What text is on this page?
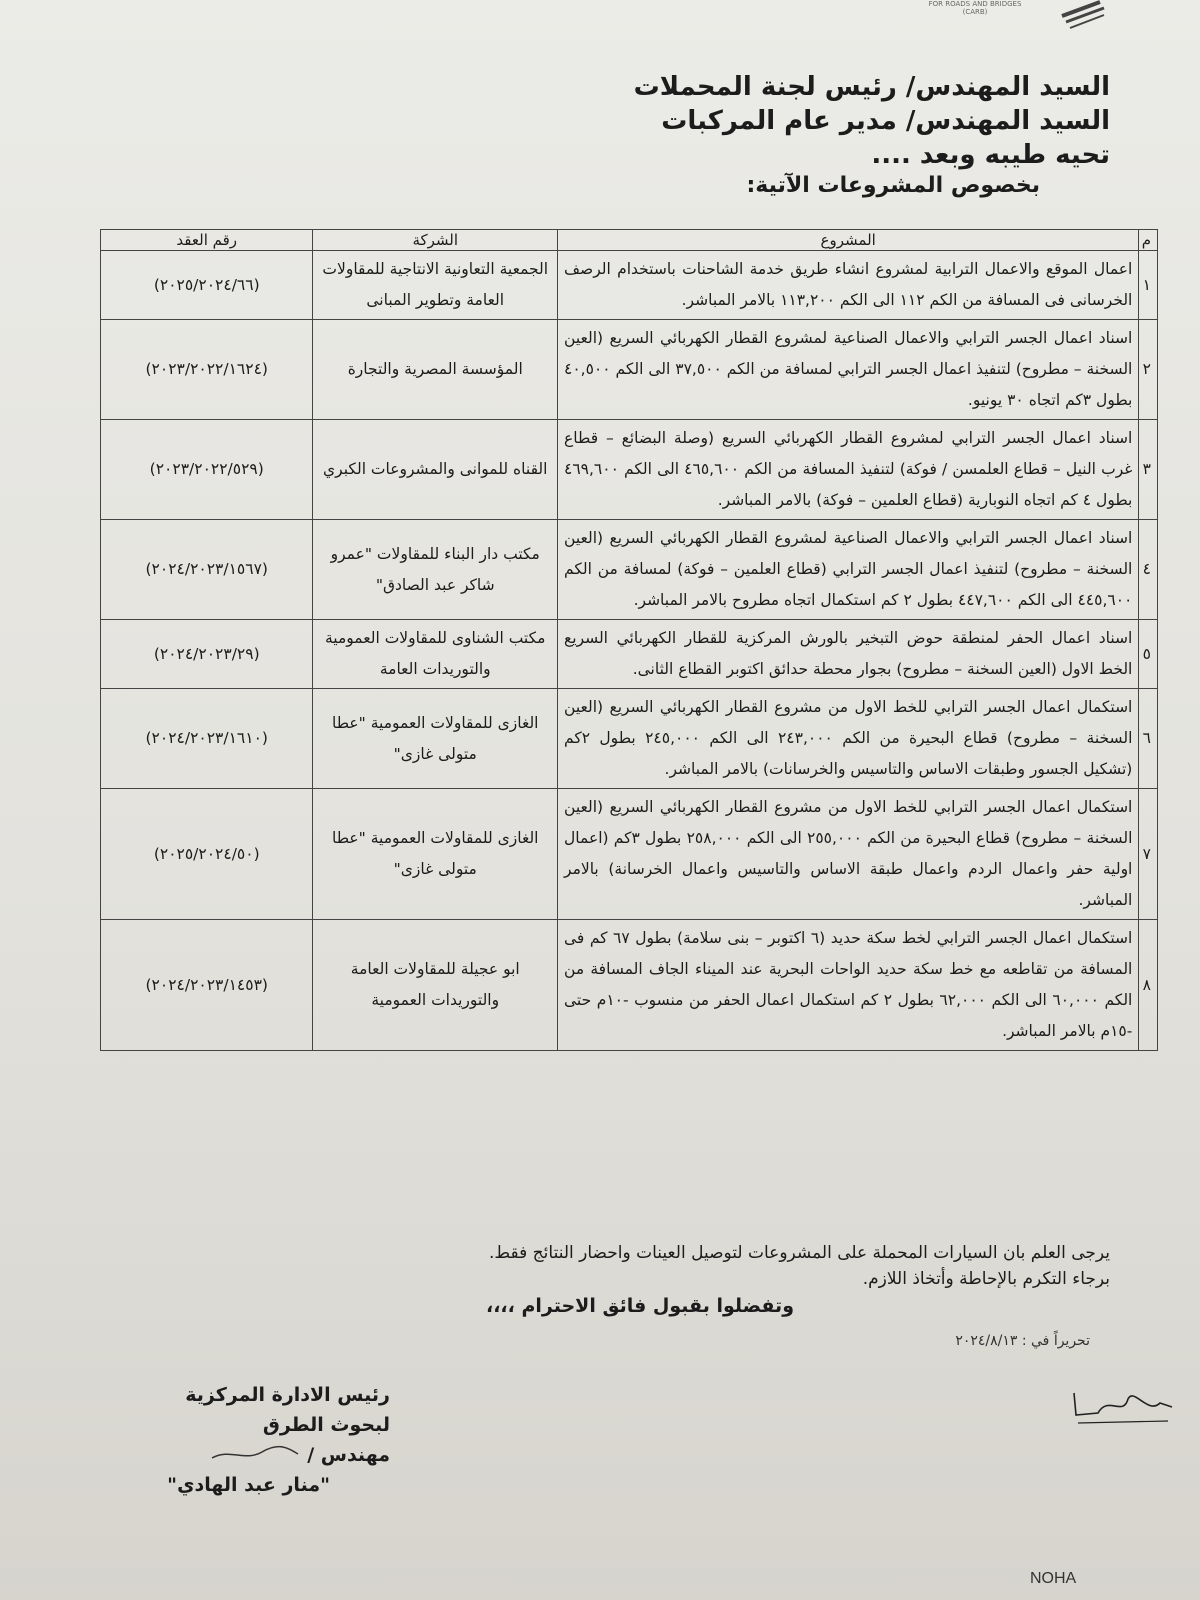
FOR ROADS AND BRIDGES
(CARB)
السيد المهندس/ رئيس لجنة المحملات
السيد المهندس/ مدير عام المركبات
تحيه طيبه وبعد ....
بخصوص المشروعات الآتية:
م	المشروع	الشركة	رقم العقد
١	اعمال الموقع والاعمال الترابية لمشروع انشاء طريق خدمة الشاحنات باستخدام الرصف الخرسانى فى المسافة من الكم ١١٢ الى الكم ١١٣,٢٠٠ بالامر المباشر.	الجمعية التعاونية الانتاجية للمقاولات العامة وتطوير المبانى	(٢٠٢٥/٢٠٢٤/٦٦)
٢	اسناد اعمال الجسر الترابي والاعمال الصناعية لمشروع القطار الكهربائي السريع (العين السخنة – مطروح) لتنفيذ اعمال الجسر الترابي لمسافة من الكم ٣٧,٥٠٠ الى الكم ٤٠,٥٠٠ بطول ٣كم اتجاه ٣٠ يونيو.	المؤسسة المصرية والتجارة	(٢٠٢٣/٢٠٢٢/١٦٢٤)
٣	اسناد اعمال الجسر الترابي لمشروع القطار الكهربائي السريع (وصلة البضائع – قطاع غرب النيل – قطاع العلمسن / فوكة) لتنفيذ المسافة من الكم ٤٦٥,٦٠٠ الى الكم ٤٦٩,٦٠٠ بطول ٤ كم اتجاه النوبارية (قطاع العلمين – فوكة) بالامر المباشر.	القناه للموانى والمشروعات الكبري	(٢٠٢٣/٢٠٢٢/٥٢٩)
٤	اسناد اعمال الجسر الترابي والاعمال الصناعية لمشروع القطار الكهربائي السريع (العين السخنة – مطروح) لتنفيذ اعمال الجسر الترابي (قطاع العلمين – فوكة) لمسافة من الكم ٤٤٥,٦٠٠ الى الكم ٤٤٧,٦٠٠ بطول ٢ كم استكمال اتجاه مطروح بالامر المباشر.	مكتب دار البناء للمقاولات "عمرو شاكر عبد الصادق"	(٢٠٢٤/٢٠٢٣/١٥٦٧)
٥	اسناد اعمال الحفر لمنطقة حوض التبخير بالورش المركزية للقطار الكهربائي السريع الخط الاول (العين السخنة – مطروح) بجوار محطة حدائق اكتوبر القطاع الثانى.	مكتب الشناوى للمقاولات العمومية والتوريدات العامة	(٢٠٢٤/٢٠٢٣/٢٩)
٦	استكمال اعمال الجسر الترابي للخط الاول من مشروع القطار الكهربائي السريع (العين السخنة – مطروح) قطاع البحيرة من الكم ٢٤٣,٠٠٠ الى الكم ٢٤٥,٠٠٠ بطول ٢كم (تشكيل الجسور وطبقات الاساس والتاسيس والخرسانات) بالامر المباشر.	الغازى للمقاولات العمومية "عطا متولى غازى"	(٢٠٢٤/٢٠٢٣/١٦١٠)
٧	استكمال اعمال الجسر الترابي للخط الاول من مشروع القطار الكهربائي السريع (العين السخنة – مطروح) قطاع البحيرة من الكم ٢٥٥,٠٠٠ الى الكم ٢٥٨,٠٠٠ بطول ٣كم (اعمال اولية حفر واعمال الردم واعمال طبقة الاساس والتاسيس واعمال الخرسانة) بالامر المباشر.	الغازى للمقاولات العمومية "عطا متولى غازى"	(٢٠٢٥/٢٠٢٤/٥٠)
٨	استكمال اعمال الجسر الترابي لخط سكة حديد (٦ اكتوبر – بنى سلامة) بطول ٦٧ كم فى المسافة من تقاطعه مع خط سكة حديد الواحات البحرية عند الميناء الجاف المسافة من الكم ٦٠,٠٠٠ الى الكم ٦٢,٠٠٠ بطول ٢ كم استكمال اعمال الحفر من منسوب -١٠م حتى -١٥م بالامر المباشر.	ابو عجيلة للمقاولات العامة والتوريدات العمومية	(٢٠٢٤/٢٠٢٣/١٤٥٣)
يرجى العلم بان السيارات المحملة على المشروعات لتوصيل العينات واحضار النتائج فقط.
برجاء التكرم بالإحاطة وأتخاذ اللازم.
وتفضلوا بقبول فائق الاحترام ،،،،
تحريراً في : ٢٠٢٤/٨/١٣
رئيس الادارة المركزية
لبحوث الطرق
مهندس /
"منار عبد الهادي"
NOHA
